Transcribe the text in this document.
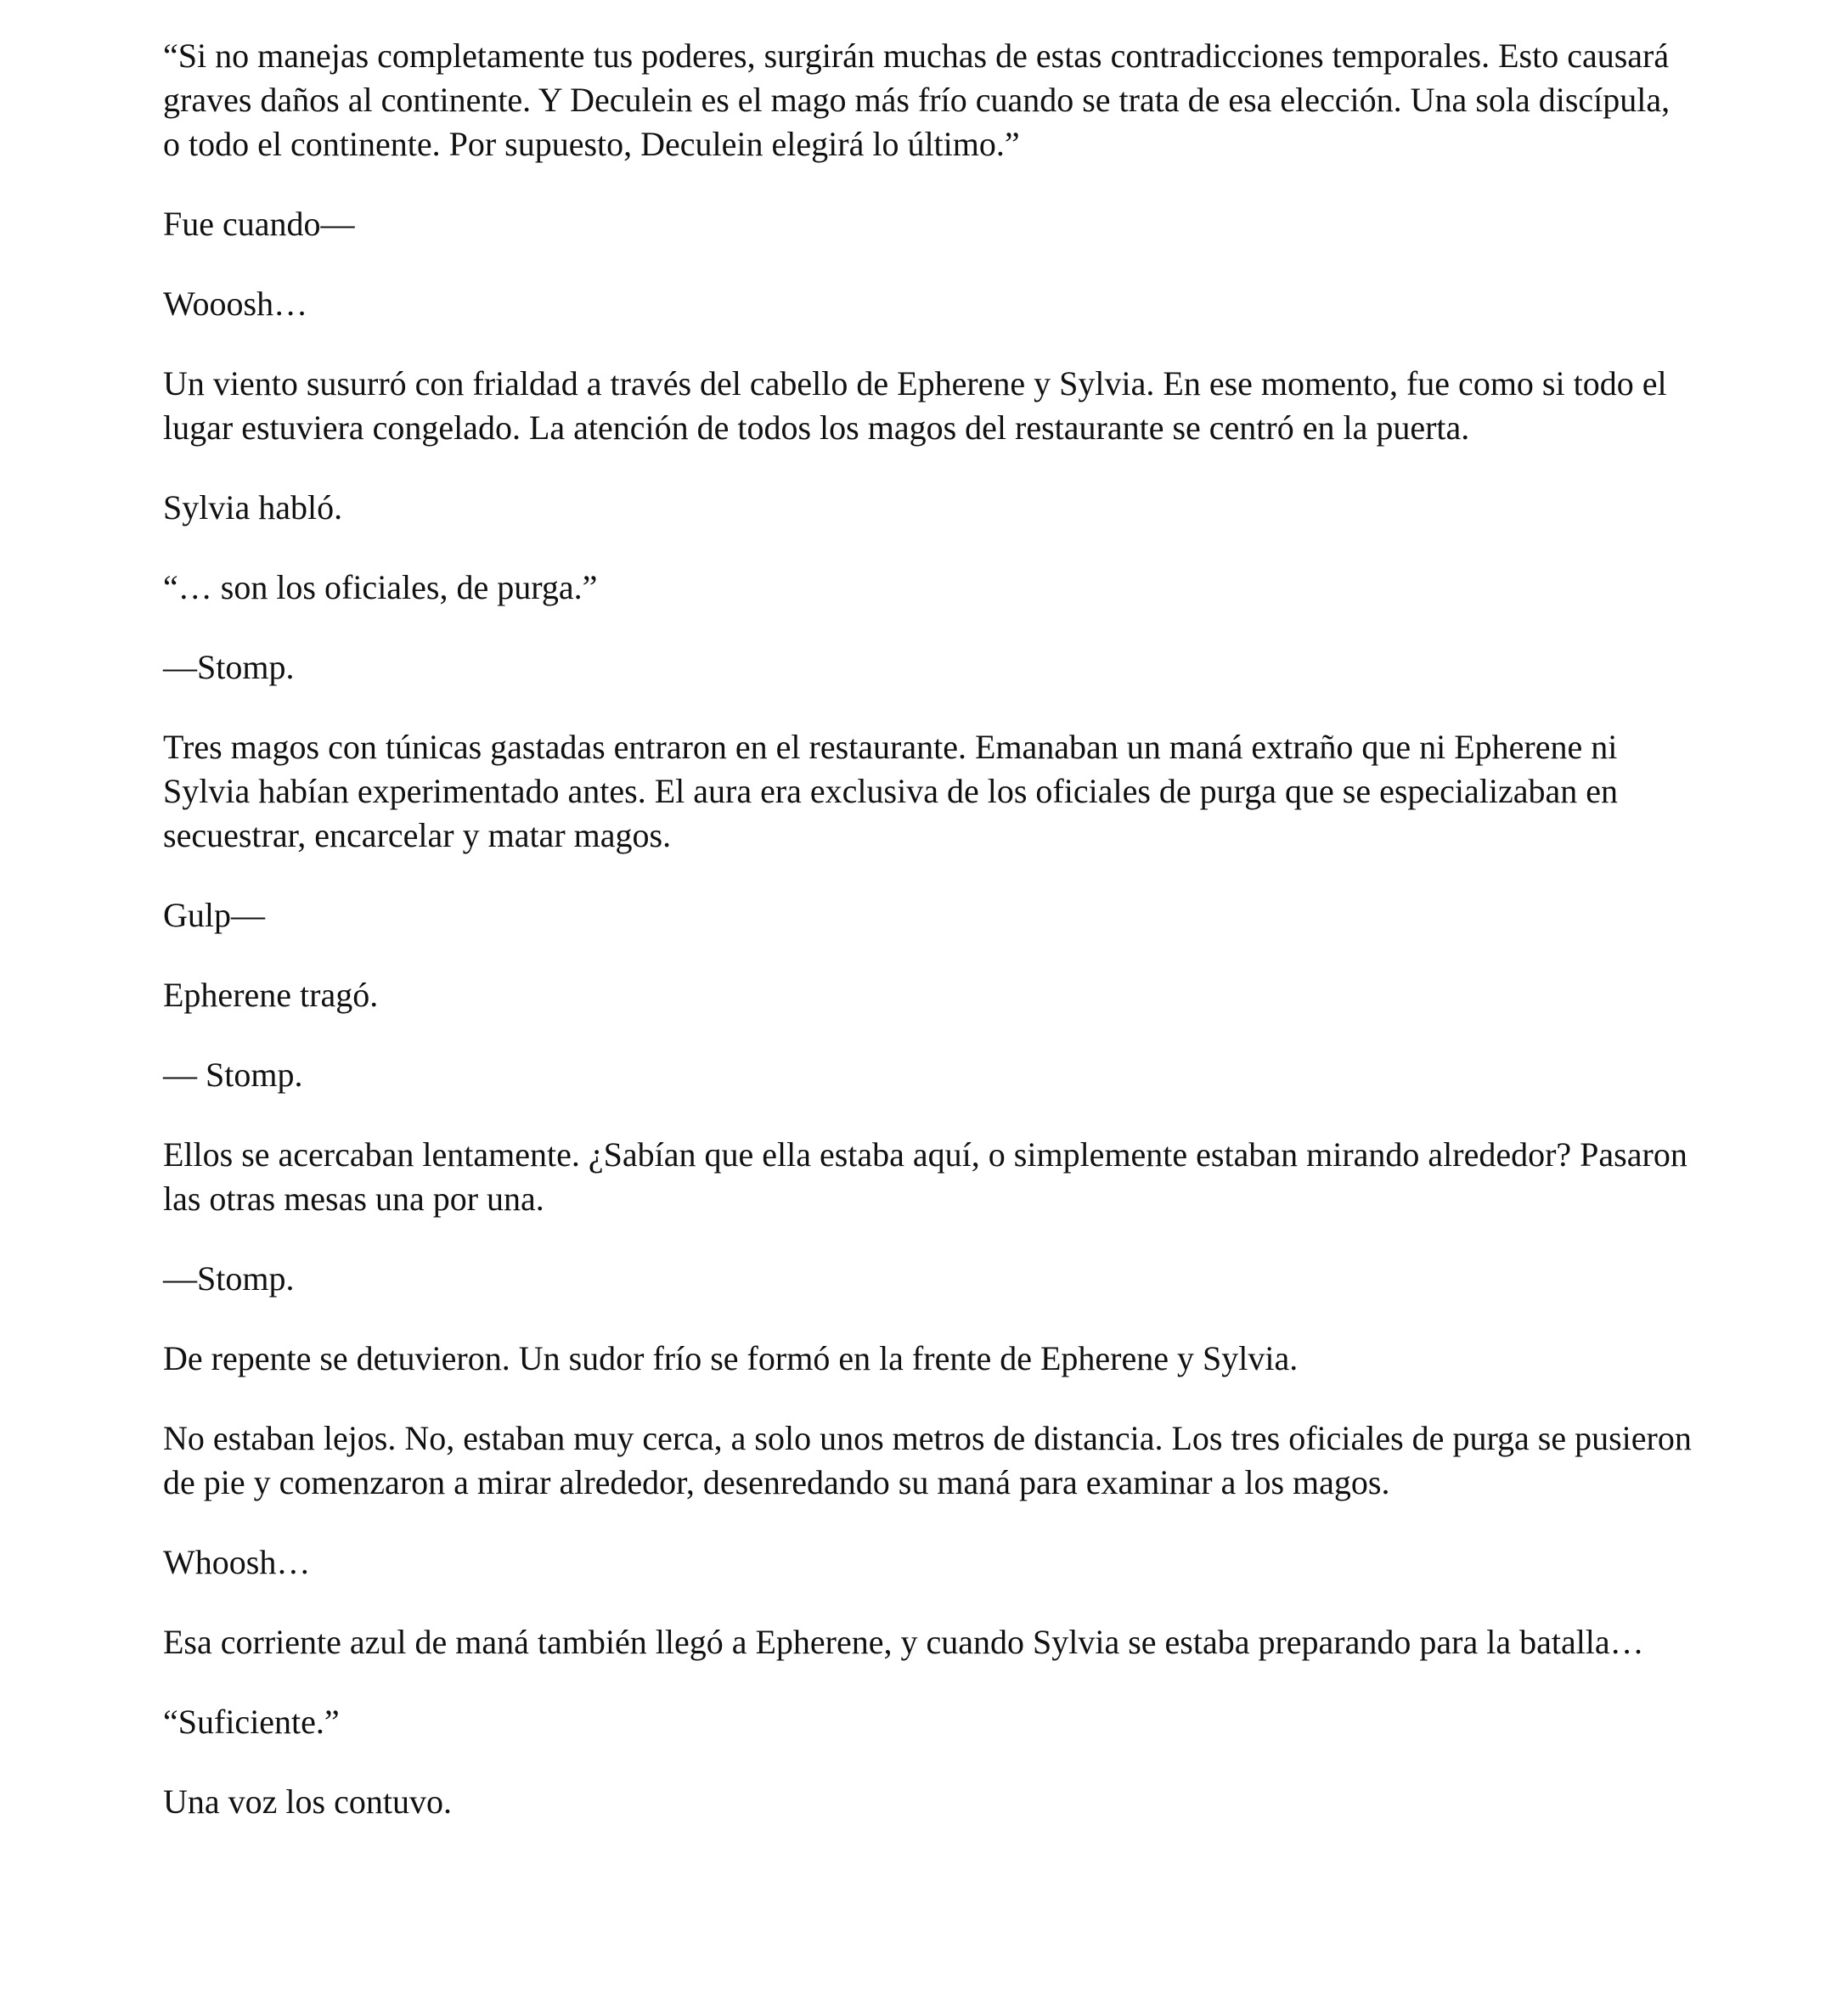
“Si no manejas completamente tus poderes, surgirán muchas de estas contradicciones temporales. Esto causará graves daños al continente. Y Deculein es el mago más frío cuando se trata de esa elección. Una sola discípula, o todo el continente. Por supuesto, Deculein elegirá lo último.”

Fue cuando—

Wooosh…

Un viento susurró con frialdad a través del cabello de Epherene y Sylvia. En ese momento, fue como si todo el lugar estuviera congelado. La atención de todos los magos del restaurante se centró en la puerta.

Sylvia habló.

“… son los oficiales, de purga.”

—Stomp.

Tres magos con túnicas gastadas entraron en el restaurante. Emanaban un maná extraño que ni Epherene ni Sylvia habían experimentado antes. El aura era exclusiva de los oficiales de purga que se especializaban en secuestrar, encarcelar y matar magos.

Gulp—

Epherene tragó.

— Stomp.

Ellos se acercaban lentamente. ¿Sabían que ella estaba aquí, o simplemente estaban mirando alrededor? Pasaron las otras mesas una por una.

—Stomp.

De repente se detuvieron. Un sudor frío se formó en la frente de Epherene y Sylvia.

No estaban lejos. No, estaban muy cerca, a solo unos metros de distancia. Los tres oficiales de purga se pusieron de pie y comenzaron a mirar alrededor, desenredando su maná para examinar a los magos.

Whoosh…

Esa corriente azul de maná también llegó a Epherene, y cuando Sylvia se estaba preparando para la batalla…

“Suficiente.”

Una voz los contuvo.
